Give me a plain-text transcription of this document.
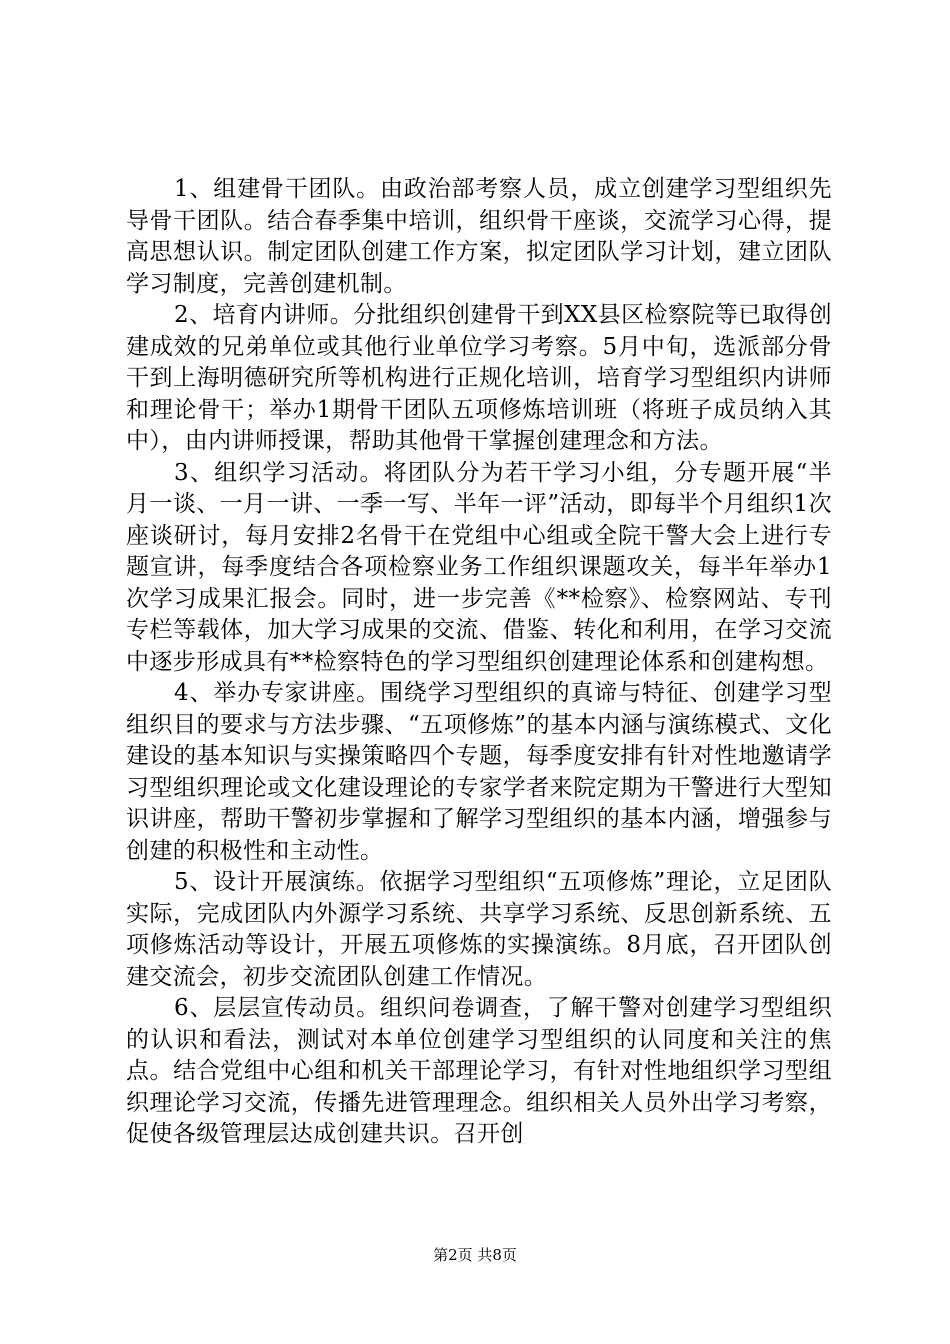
1、组建骨干团队。由政治部考察人员，成立创建学习型组织先导骨干团队。结合春季集中培训，组织骨干座谈，交流学习心得，提高思想认识。制定团队创建工作方案，拟定团队学习计划，建立团队学习制度，完善创建机制。

2、培育内讲师。分批组织创建骨干到XX县区检察院等已取得创建成效的兄弟单位或其他行业单位学习考察。5月中旬，选派部分骨干到上海明德研究所等机构进行正规化培训，培育学习型组织内讲师和理论骨干；举办1期骨干团队五项修炼培训班（将班子成员纳入其中），由内讲师授课，帮助其他骨干掌握创建理念和方法。

3、组织学习活动。将团队分为若干学习小组，分专题开展“半月一谈、一月一讲、一季一写、半年一评”活动，即每半个月组织1次座谈研讨，每月安排2名骨干在党组中心组或全院干警大会上进行专题宣讲，每季度结合各项检察业务工作组织课题攻关，每半年举办1次学习成果汇报会。同时，进一步完善《**检察》、检察网站、专刊专栏等载体，加大学习成果的交流、借鉴、转化和利用，在学习交流中逐步形成具有**检察特色的学习型组织创建理论体系和创建构想。

4、举办专家讲座。围绕学习型组织的真谛与特征、创建学习型组织目的要求与方法步骤、“五项修炼”的基本内涵与演练模式、文化建设的基本知识与实操策略四个专题，每季度安排有针对性地邀请学习型组织理论或文化建设理论的专家学者来院定期为干警进行大型知识讲座，帮助干警初步掌握和了解学习型组织的基本内涵，增强参与创建的积极性和主动性。

5、设计开展演练。依据学习型组织“五项修炼”理论，立足团队实际，完成团队内外源学习系统、共享学习系统、反思创新系统、五项修炼活动等设计，开展五项修炼的实操演练。8月底，召开团队创建交流会，初步交流团队创建工作情况。

6、层层宣传动员。组织问卷调查，了解干警对创建学习型组织的认识和看法，测试对本单位创建学习型组织的认同度和关注的焦点。结合党组中心组和机关干部理论学习，有针对性地组织学习型组织理论学习交流，传播先进管理理念。组织相关人员外出学习考察，促使各级管理层达成创建共识。召开创

第2页 共8页
